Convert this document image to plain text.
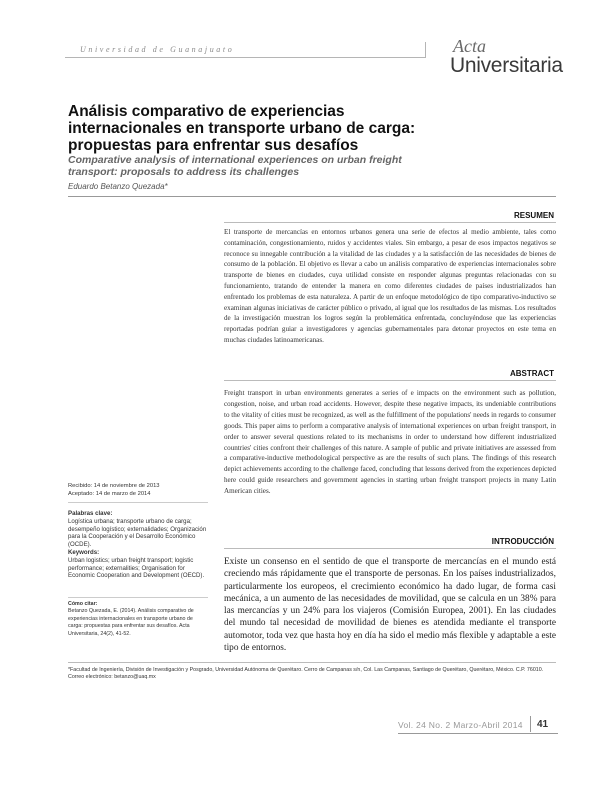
Universidad de Guanajuato	Acta
Universitaria
Análisis comparativo de experiencias internacionales en transporte urbano de carga: propuestas para enfrentar sus desafíos
Comparative analysis of international experiences on urban freight transport: proposals to address its challenges
Eduardo Betanzo Quezada*
RESUMEN

El transporte de mercancías en entornos urbanos genera una serie de efectos al medio ambiente, tales como contaminación, congestionamiento, ruidos y accidentes viales. Sin embargo, a pesar de esos impactos negativos se reconoce su innegable contribución a la vitalidad de las ciudades y a la satisfacción de las necesidades de bienes de consumo de la población. El objetivo es llevar a cabo un análisis comparativo de experiencias internacionales sobre transporte de bienes en ciudades, cuya utilidad consiste en responder algunas preguntas relacionadas con su funcionamiento, tratando de entender la manera en como diferentes ciudades de países industrializados han enfrentado los problemas de esta naturaleza. A partir de un enfoque metodológico de tipo comparativo-inductivo se examinan algunas iniciativas de carácter público o privado, al igual que los resultados de las mismas. Los resultados de la investigación muestran los logros según la problemática enfrentada, concluyéndose que las experiencias reportadas podrían guiar a investigadores y agencias gubernamentales para detonar proyectos en este tema en muchas ciudades latinoamericanas.

ABSTRACT

Freight transport in urban environments generates a series of e impacts on the environment such as pollution, congestion, noise, and urban road accidents. However, despite these negative impacts, its undeniable contributions to the vitality of cities must be recognized, as well as the fulfillment of the populations' needs in regards to consumer goods. This paper aims to perform a comparative analysis of international experiences on urban freight transport, in order to answer several questions related to its mechanisms in order to understand how different industrialized countries' cities confront their challenges of this nature. A sample of public and private initiatives are assessed from a comparative-inductive methodological perspective as are the results of such plans. The findings of this research depict achievements according to the challenge faced, concluding that lessons derived from the experiences depicted here could guide researchers and government agencies in starting urban freight transport projects in many Latin American cities.

Recibido: 14 de noviembre de 2013
Aceptado: 14 de marzo de 2014
Palabras clave:
Logística urbana; transporte urbano de carga; desempeño logístico; externalidades; Organización para la Cooperación y el Desarrollo Económico (OCDE).
Keywords:
Urban logistics; urban freight transport; logistic performance; externalities; Organisation for Economic Cooperation and Development (OECD).
Cómo citar:
Betanzo Quezada, E. (2014). Análisis comparativo de experiencias internacionales en transporte urbano de carga: propuestas para enfrentar sus desafíos. Acta Universitaria, 24(2), 41-52.
INTRODUCCIÓN

Existe un consenso en el sentido de que el transporte de mercancías en el mundo está creciendo más rápidamente que el transporte de personas. En los países industrializados, particularmente los europeos, el crecimiento económico ha dado lugar, de forma casi mecánica, a un aumento de las necesidades de movilidad, que se calcula en un 38% para las mercancías y un 24% para los viajeros (Comisión Europea, 2001). En las ciudades del mundo tal necesidad de movilidad de bienes es atendida mediante el transporte automotor, toda vez que hasta hoy en día ha sido el medio más flexible y adaptable a este tipo de entornos.

*Facultad de Ingeniería, División de Investigación y Posgrado, Universidad Autónoma de Querétaro. Cerro de Campanas s/n, Col. Las Campanas, Santiago de Querétaro, Querétaro, México. C.P. 76010. Correo electrónico: betanzo@uaq.mx

Vol. 24 No. 2 Marzo-Abril 2014 41
